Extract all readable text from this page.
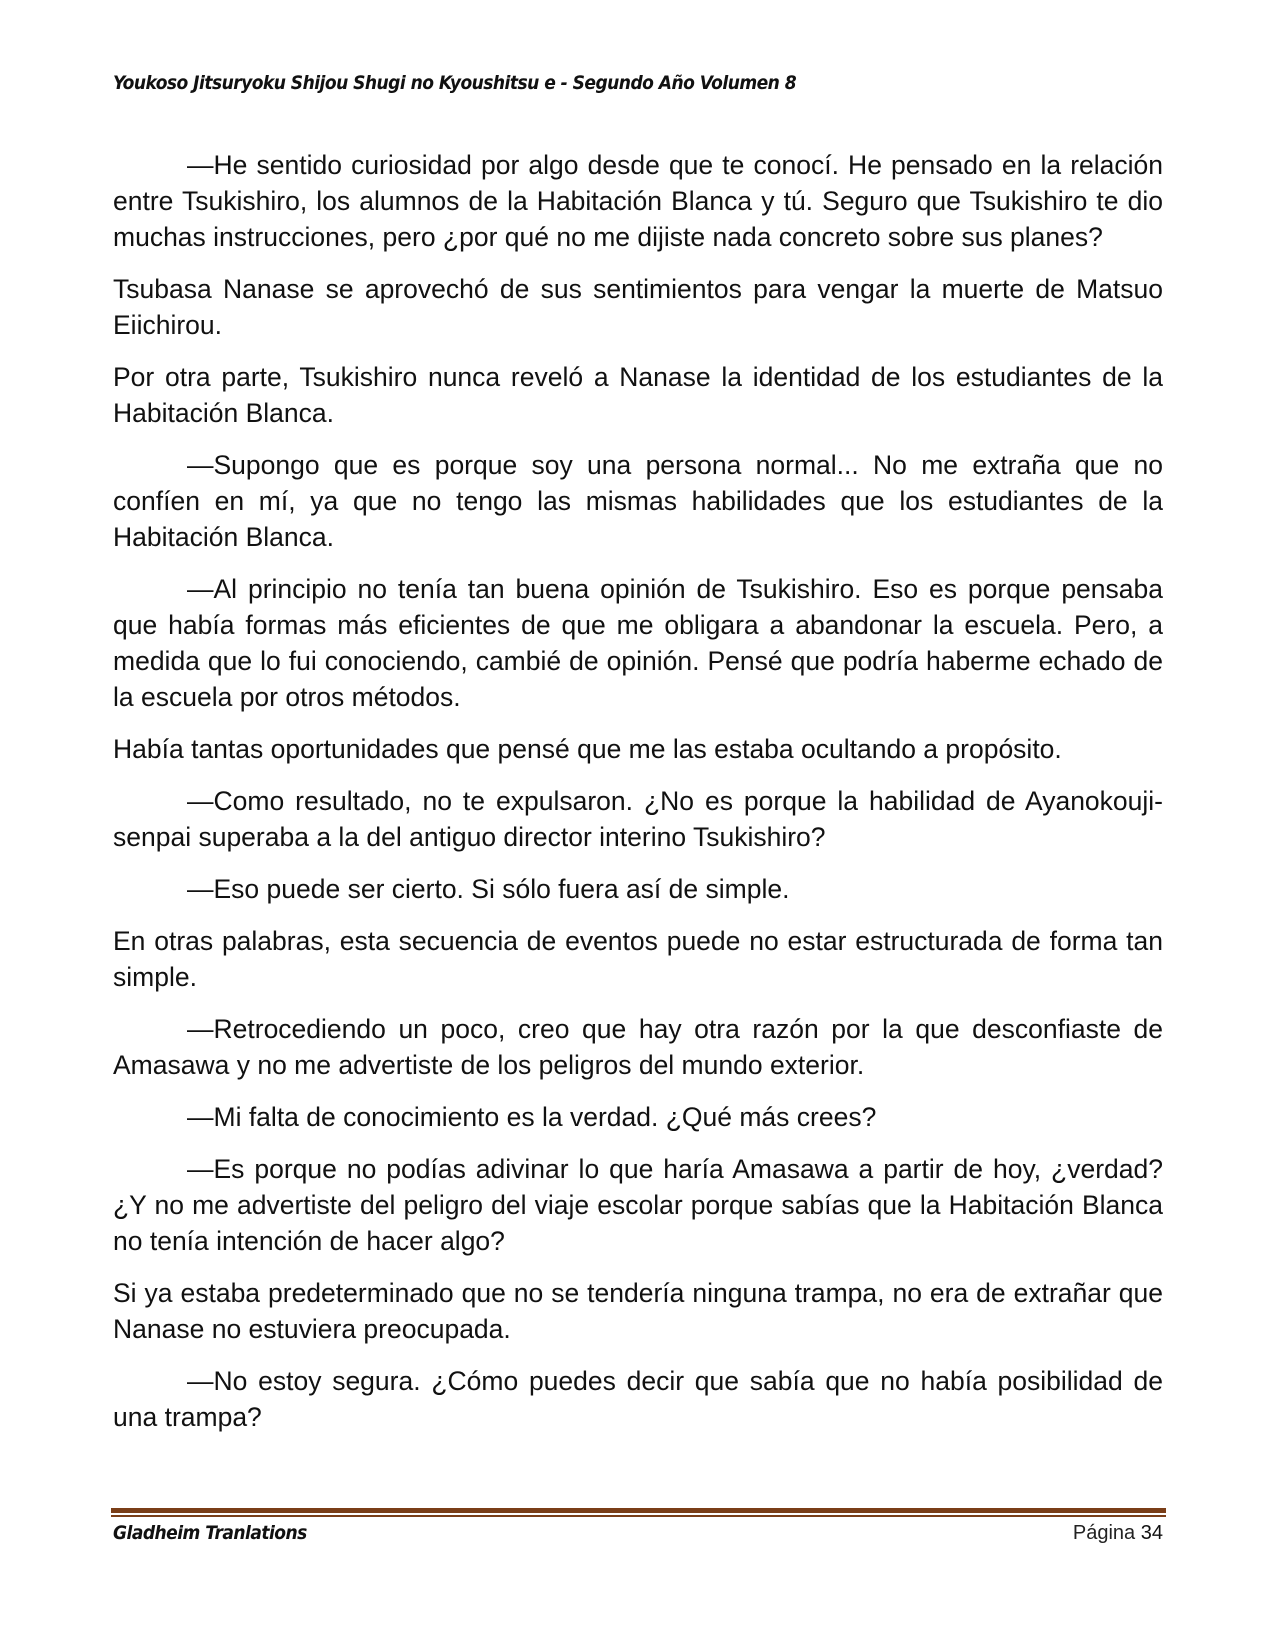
Youkoso Jitsuryoku Shijou Shugi no Kyoushitsu e - Segundo Año Volumen 8

—He sentido curiosidad por algo desde que te conocí. He pensado en la relación entre Tsukishiro, los alumnos de la Habitación Blanca y tú. Seguro que Tsukishiro te dio muchas instrucciones, pero ¿por qué no me dijiste nada concreto sobre sus planes?

Tsubasa Nanase se aprovechó de sus sentimientos para vengar la muerte de Matsuo Eiichirou.

Por otra parte, Tsukishiro nunca reveló a Nanase la identidad de los estudiantes de la Habitación Blanca.

—Supongo que es porque soy una persona normal... No me extraña que no confíen en mí, ya que no tengo las mismas habilidades que los estudiantes de la Habitación Blanca.

—Al principio no tenía tan buena opinión de Tsukishiro. Eso es porque pensaba que había formas más eficientes de que me obligara a abandonar la escuela. Pero, a medida que lo fui conociendo, cambié de opinión. Pensé que podría haberme echado de la escuela por otros métodos.

Había tantas oportunidades que pensé que me las estaba ocultando a propósito.

—Como resultado, no te expulsaron. ¿No es porque la habilidad de Ayanokouji-senpai superaba a la del antiguo director interino Tsukishiro?

—Eso puede ser cierto. Si sólo fuera así de simple.

En otras palabras, esta secuencia de eventos puede no estar estructurada de forma tan simple.

—Retrocediendo un poco, creo que hay otra razón por la que desconfiaste de Amasawa y no me advertiste de los peligros del mundo exterior.

—Mi falta de conocimiento es la verdad. ¿Qué más crees?

—Es porque no podías adivinar lo que haría Amasawa a partir de hoy, ¿verdad? ¿Y no me advertiste del peligro del viaje escolar porque sabías que la Habitación Blanca no tenía intención de hacer algo?

Si ya estaba predeterminado que no se tendería ninguna trampa, no era de extrañar que Nanase no estuviera preocupada.

—No estoy segura. ¿Cómo puedes decir que sabía que no había posibilidad de una trampa?

Gladheim Tranlations	Página 34
